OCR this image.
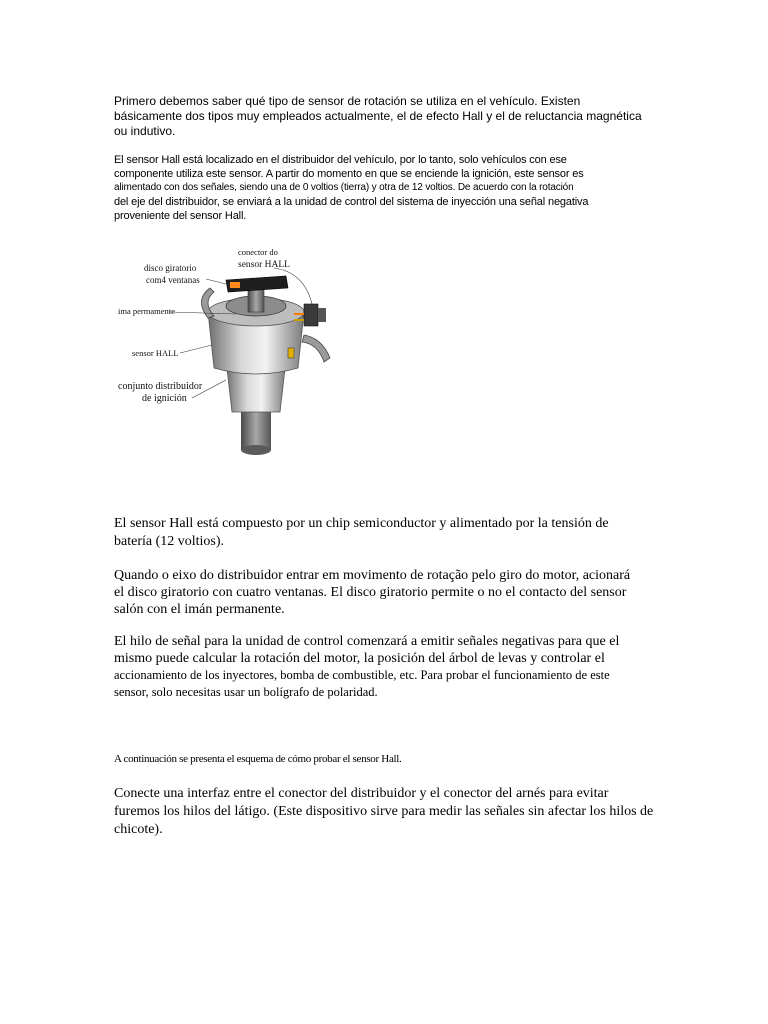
Primero debemos saber qué tipo de sensor de rotación se utiliza en el vehículo. Existen
básicamente dos tipos muy empleados actualmente, el de efecto Hall y el de reluctancia magnética
ou indutivo.
El sensor Hall está localizado en el distribuidor del vehículo, por lo tanto, solo vehículos con ese
componente utiliza este sensor. A partir do momento en que se enciende la ignición, este sensor es
alimentado con dos señales, siendo una de 0 voltios (tierra) y otra de 12 voltios. De acuerdo con la rotación
del eje del distribuidor, se enviará a la unidad de control del sistema de inyección una señal negativa
proveniente del sensor Hall.
conector do
sensor HALL
disco giratorio
com4 ventanas
ima permamente
sensor HALL
conjunto distribuidor
de ignición
El sensor Hall está compuesto por un chip semiconductor y alimentado por la tensión de
batería (12 voltios).
Quando o eixo do distribuidor entrar em movimento de rotação pelo giro do motor, acionará
el disco giratorio con cuatro ventanas. El disco giratorio permite o no el contacto del sensor
salón con el imán permanente.
El hilo de señal para la unidad de control comenzará a emitir señales negativas para que el
mismo puede calcular la rotación del motor, la posición del árbol de levas y controlar el
accionamiento de los inyectores, bomba de combustible, etc. Para probar el funcionamiento de este
sensor, solo necesitas usar un bolígrafo de polaridad.
A continuación se presenta el esquema de cómo probar el sensor Hall.
Conecte una interfaz entre el conector del distribuidor y el conector del arnés para evitar
furemos los hilos del látigo. (Este dispositivo sirve para medir las señales sin afectar los hilos de
chicote).
